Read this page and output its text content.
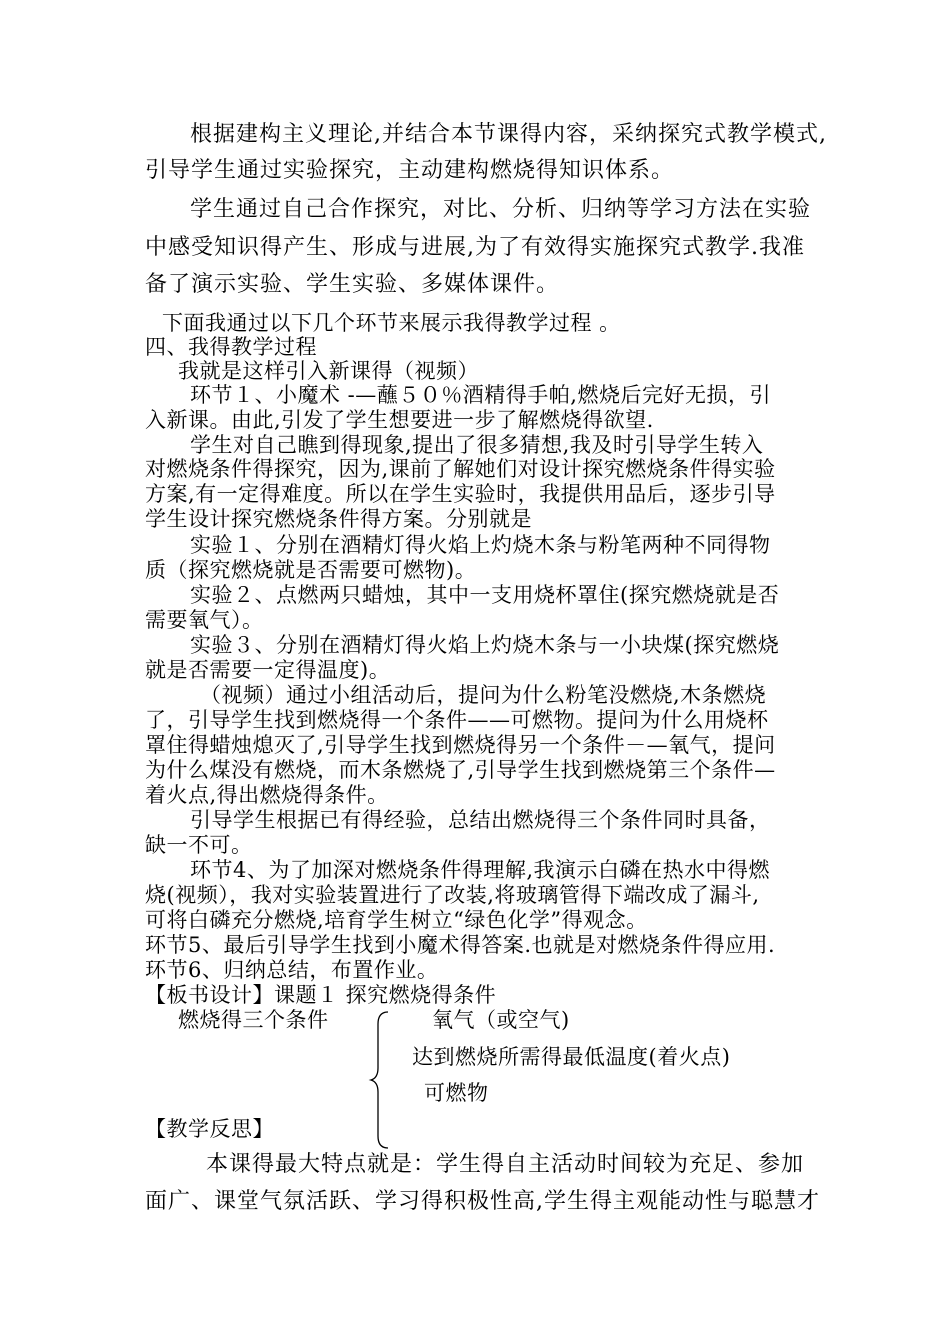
根据建构主义理论,并结合本节课得内容，采纳探究式教学模式,
引导学生通过实验探究，主动建构燃烧得知识体系。
学生通过自己合作探究，对比、分析、归纳等学习方法在实验
中感受知识得产生、形成与进展,为了有效得实施探究式教学.我准
备了演示实验、学生实验、多媒体课件。
下面我通过以下几个环节来展示我得教学过程 。
四、我得教学过程
我就是这样引入新课得（视频）
环节１、小魔术 -—蘸５０％酒精得手帕,燃烧后完好无损，引
入新课。由此,引发了学生想要进一步了解燃烧得欲望.
学生对自己瞧到得现象,提出了很多猜想,我及时引导学生转入
对燃烧条件得探究，因为,课前了解她们对设计探究燃烧条件得实验
方案,有一定得难度。所以在学生实验时，我提供用品后，逐步引导
学生设计探究燃烧条件得方案。分别就是
实验１、分别在酒精灯得火焰上灼烧木条与粉笔两种不同得物
质（探究燃烧就是否需要可燃物)。
实验２、点燃两只蜡烛，其中一支用烧杯罩住(探究燃烧就是否
需要氧气）。
实验３、分别在酒精灯得火焰上灼烧木条与一小块煤(探究燃烧
就是否需要一定得温度)。
（视频）通过小组活动后，提问为什么粉笔没燃烧,木条燃烧
了，引导学生找到燃烧得一个条件——可燃物。提问为什么用烧杯
罩住得蜡烛熄灭了,引导学生找到燃烧得另一个条件－—氧气，提问
为什么煤没有燃烧，而木条燃烧了,引导学生找到燃烧第三个条件—
着火点,得出燃烧得条件。
引导学生根据已有得经验，总结出燃烧得三个条件同时具备，
缺一不可。
环节4、为了加深对燃烧条件得理解,我演示白磷在热水中得燃
烧(视频），我对实验装置进行了改装,将玻璃管得下端改成了漏斗,
可将白磷充分燃烧,培育学生树立“绿色化学”得观念。
环节5、最后引导学生找到小魔术得答案.也就是对燃烧条件得应用.
环节6、归纳总结，布置作业。
【板书设计】课题１ 探究燃烧得条件
燃烧得三个条件	氧气（或空气)
达到燃烧所需得最低温度(着火点)
可燃物
【教学反思】
本课得最大特点就是：学生得自主活动时间较为充足、参加
面广、课堂气氛活跃、学习得积极性高,学生得主观能动性与聪慧才
